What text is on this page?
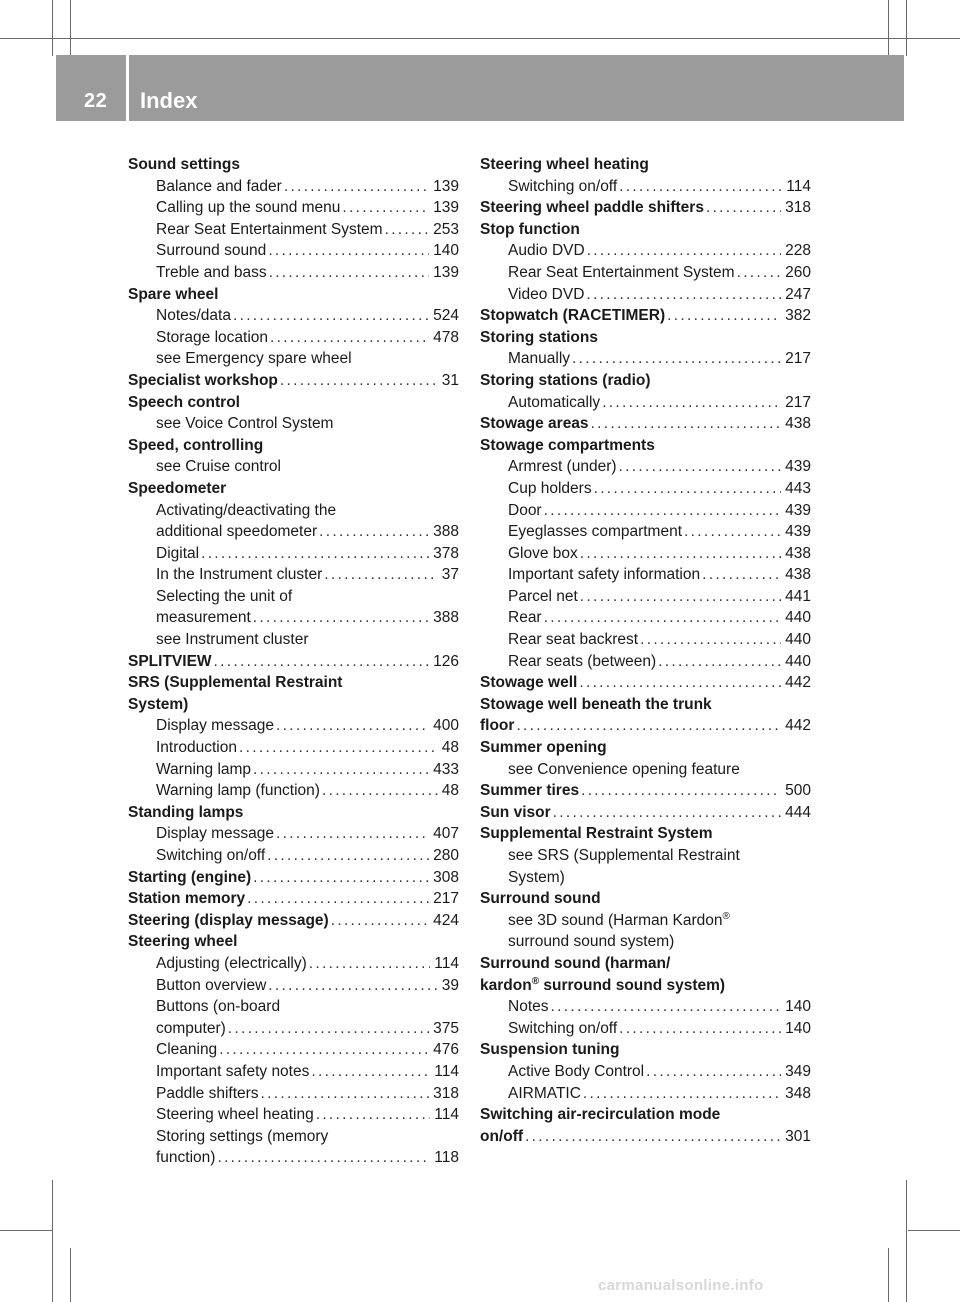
22 Index
Sound settings
Balance and fader . . .	139
Calling up the sound menu . . .	139
Rear Seat Entertainment System . . .	253
Surround sound . . .	140
Treble and bass . . .	139
Spare wheel
Notes/data . . .	524
Storage location . . .	478
see Emergency spare wheel
Specialist workshop . . .	31
Speech control
see Voice Control System
Speed, controlling
see Cruise control
Speedometer
Activating/deactivating the
additional speedometer . . .	388
Digital . . .	378
In the Instrument cluster . . .	37
Selecting the unit of
measurement . . .	388
see Instrument cluster
SPLITVIEW . . .	126
SRS (Supplemental Restraint
System)
Display message . . .	400
Introduction . . .	48
Warning lamp . . .	433
Warning lamp (function) . . .	48
Standing lamps
Display message . . .	407
Switching on/off . . .	280
Starting (engine) . . .	308
Station memory . . .	217
Steering (display message) . . .	424
Steering wheel
Adjusting (electrically) . . .	114
Button overview . . .	39
Buttons (on-board
computer) . . .	375
Cleaning . . .	476
Important safety notes . . .	114
Paddle shifters . . .	318
Steering wheel heating . . .	114
Storing settings (memory
function) . . .	118
Steering wheel heating
Switching on/off . . .	114
Steering wheel paddle shifters . . .	318
Stop function
Audio DVD . . .	228
Rear Seat Entertainment System . . .	260
Video DVD . . .	247
Stopwatch (RACETIMER) . . .	382
Storing stations
Manually . . .	217
Storing stations (radio)
Automatically . . .	217
Stowage areas . . .	438
Stowage compartments
Armrest (under) . . .	439
Cup holders . . .	443
Door . . .	439
Eyeglasses compartment . . .	439
Glove box . . .	438
Important safety information . . .	438
Parcel net . . .	441
Rear . . .	440
Rear seat backrest . . .	440
Rear seats (between) . . .	440
Stowage well . . .	442
Stowage well beneath the trunk
floor . . .	442
Summer opening
see Convenience opening feature
Summer tires . . .	500
Sun visor . . .	444
Supplemental Restraint System
see SRS (Supplemental Restraint
System)
Surround sound
see 3D sound (Harman Kardon®
surround sound system)
Surround sound (harman/
kardon® surround sound system)
Notes . . .	140
Switching on/off . . .	140
Suspension tuning
Active Body Control . . .	349
AIRMATIC . . .	348
Switching air-recirculation mode
on/off . . .	301
carmanualsonline.info
